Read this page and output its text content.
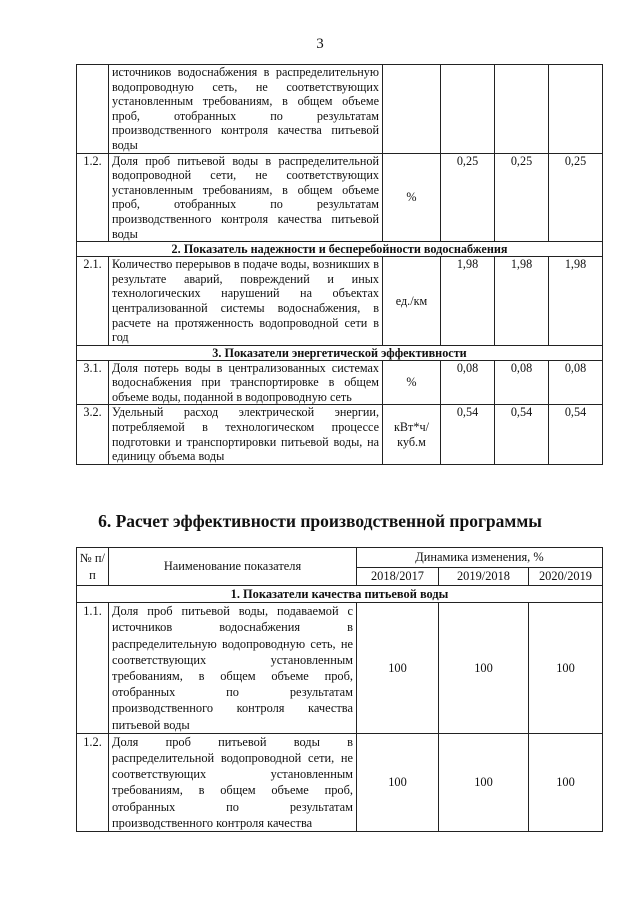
3
	источников водоснабжения в распределительную водопроводную сеть, не соответствующих установленным требованиям, в общем объеме проб, отобранных по результатам производственного контроля качества питьевой воды				
1.2.	Доля проб питьевой воды в распределительной водопроводной сети, не соответствующих установленным требованиям, в общем объеме проб, отобранных по результатам производственного контроля качества питьевой воды	%	0,25	0,25	0,25
2. Показатель надежности и бесперебойности водоснабжения					
2.1.	Количество перерывов в подаче воды, возникших в результате аварий, повреждений и иных технологических нарушений на объектах централизованной системы водоснабжения, в расчете на протяженность водопроводной сети в год	ед./км	1,98	1,98	1,98
3. Показатели энергетической эффективности					
3.1.	Доля потерь воды в централизованных системах водоснабжения при транспортировке в общем объеме воды, поданной в водопроводную сеть	%	0,08	0,08	0,08
3.2.	Удельный расход электрической энергии, потребляемой в технологическом процессе подготовки и транспортировки питьевой воды, на единицу объема воды	кВт*ч/ куб.м	0,54	0,54	0,54
6. Расчет эффективности производственной программы
№ п/п	Наименование показателя	Динамика изменения, %		
		2018/2017	2019/2018	2020/2019
1. Показатели качества питьевой воды				
1.1.	Доля проб питьевой воды, подаваемой с источников водоснабжения в распределительную водопроводную сеть, не соответствующих установленным требованиям, в общем объеме проб, отобранных по результатам производственного контроля качества питьевой воды	100	100	100
1.2.	Доля проб питьевой воды в распределительной водопроводной сети, не соответствующих установленным требованиям, в общем объеме проб, отобранных по результатам производственного контроля качества	100	100	100
